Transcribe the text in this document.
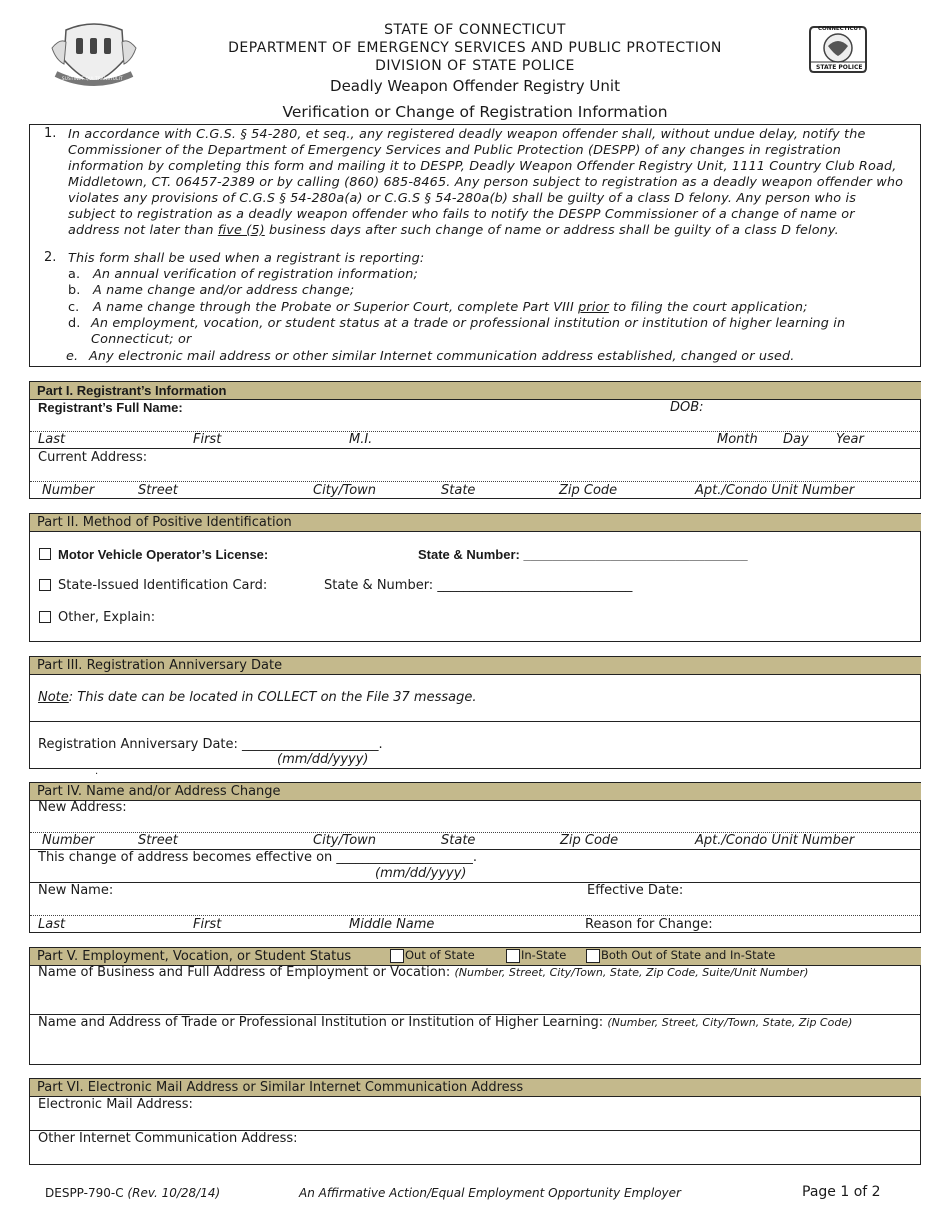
SUSTINET QUI TRANSTULIT
STATE OF CONNECTICUT
DEPARTMENT OF EMERGENCY SERVICES AND PUBLIC PROTECTION
DIVISION OF STATE POLICE
Deadly Weapon Offender Registry Unit
Verification or Change of Registration Information
CONNECTICUT
STATE POLICE
1. In accordance with C.G.S. § 54-280, et seq., any registered deadly weapon offender shall, without undue delay, notify the
Commissioner of the Department of Emergency Services and Public Protection (DESPP) of any changes in registration
information by completing this form and mailing it to DESPP, Deadly Weapon Offender Registry Unit, 1111 Country Club Road,
Middletown, CT. 06457-2389 or by calling (860) 685-8465. Any person subject to registration as a deadly weapon offender who
violates any provisions of C.G.S § 54-280a(a) or C.G.S § 54-280a(b) shall be guilty of a class D felony. Any person who is
subject to registration as a deadly weapon offender who fails to notify the DESPP Commissioner of a change of name or
address not later than five (5) business days after such change of name or address shall be guilty of a class D felony.
2. This form shall be used when a registrant is reporting:
a. An annual verification of registration information;
b. A name change and/or address change;
c. A name change through the Probate or Superior Court, complete Part VIII prior to filing the court application;
d. An employment, vocation, or student status at a trade or professional institution or institution of higher learning in
Connecticut; or
e. Any electronic mail address or other similar Internet communication address established, changed or used.
Part I. Registrant’s Information
Registrant’s Full Name:	DOB:
Last	First	M.I.	Month Day Year
Current Address:
Number	Street	City/Town	State	Zip Code	Apt./Condo Unit Number
Part II. Method of Positive Identification
Motor Vehicle Operator’s License:	State & Number: _______________________________
State-Issued Identification Card:	State & Number: ______________________________
Other, Explain:
Part III. Registration Anniversary Date
Note: This date can be located in COLLECT on the File 37 message.
Registration Anniversary Date: _____________________.
(mm/dd/yyyy)
.
Part IV. Name and/or Address Change
New Address:
Number	Street	City/Town	State	Zip Code	Apt./Condo Unit Number
This change of address becomes effective on _____________________.
(mm/dd/yyyy)
New Name:	Effective Date:
Last	First	Middle Name	Reason for Change:
Part V. Employment, Vocation, or Student Status	Out of State	In-State	Both Out of State and In-State
Name of Business and Full Address of Employment or Vocation: (Number, Street, City/Town, State, Zip Code, Suite/Unit Number)
Name and Address of Trade or Professional Institution or Institution of Higher Learning: (Number, Street, City/Town, State, Zip Code)
Part VI. Electronic Mail Address or Similar Internet Communication Address
Electronic Mail Address:
Other Internet Communication Address:
DESPP-790-C (Rev. 10/28/14)	An Affirmative Action/Equal Employment Opportunity Employer	Page 1 of 2
